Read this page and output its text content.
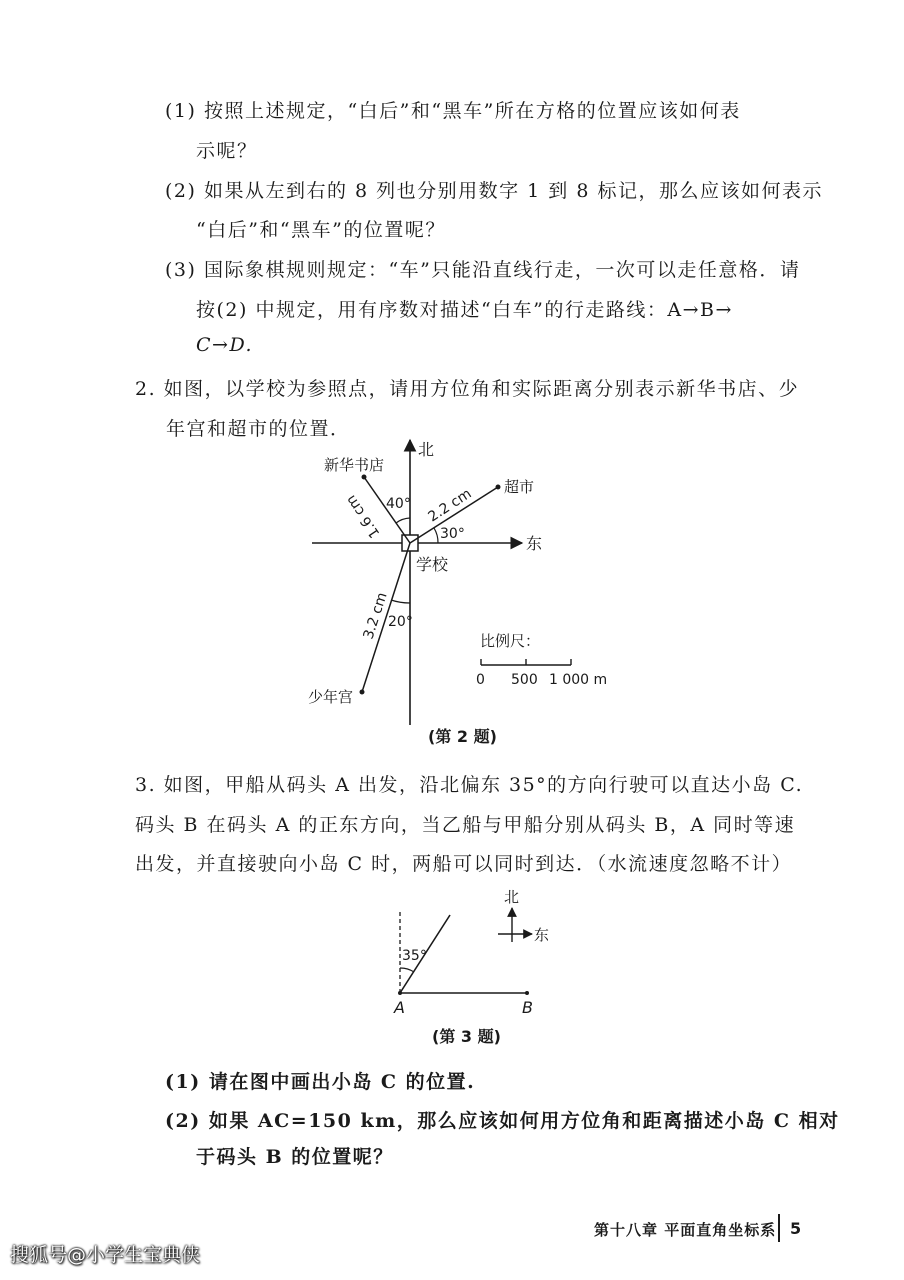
(1) 按照上述规定，“白后”和“黑车”所在方格的位置应该如何表
示呢？
(2) 如果从左到右的 8 列也分别用数字 1 到 8 标记，那么应该如何表示
“白后”和“黑车”的位置呢？
(3) 国际象棋规则规定：“车”只能沿直线行走，一次可以走任意格．请
按(2) 中规定，用有序数对描述“白车”的行走路线：A→B→
C→D.
2. 如图，以学校为参照点，请用方位角和实际距离分别表示新华书店、少
年宫和超市的位置．
北
东
学校
新华书店
1.6 cm 40°
超市
2.2 cm
30°
少年宫
3.2 cm
20°
比例尺：
0 500 1 000 m
(第 2 题)
3. 如图，甲船从码头 A 出发，沿北偏东 35°的方向行驶可以直达小岛 C.
码头 B 在码头 A 的正东方向，当乙船与甲船分别从码头 B，A 同时等速
出发，并直接驶向小岛 C 时，两船可以同时到达．（水流速度忽略不计）
35°
A	B
北
东
(第 3 题)
(1) 请在图中画出小岛 C 的位置.
(2) 如果 AC=150 km，那么应该如何用方位角和距离描述小岛 C 相对
于码头 B 的位置呢？
第十八章 平面直角坐标系 5
搜狐号@小学生宝典侠
